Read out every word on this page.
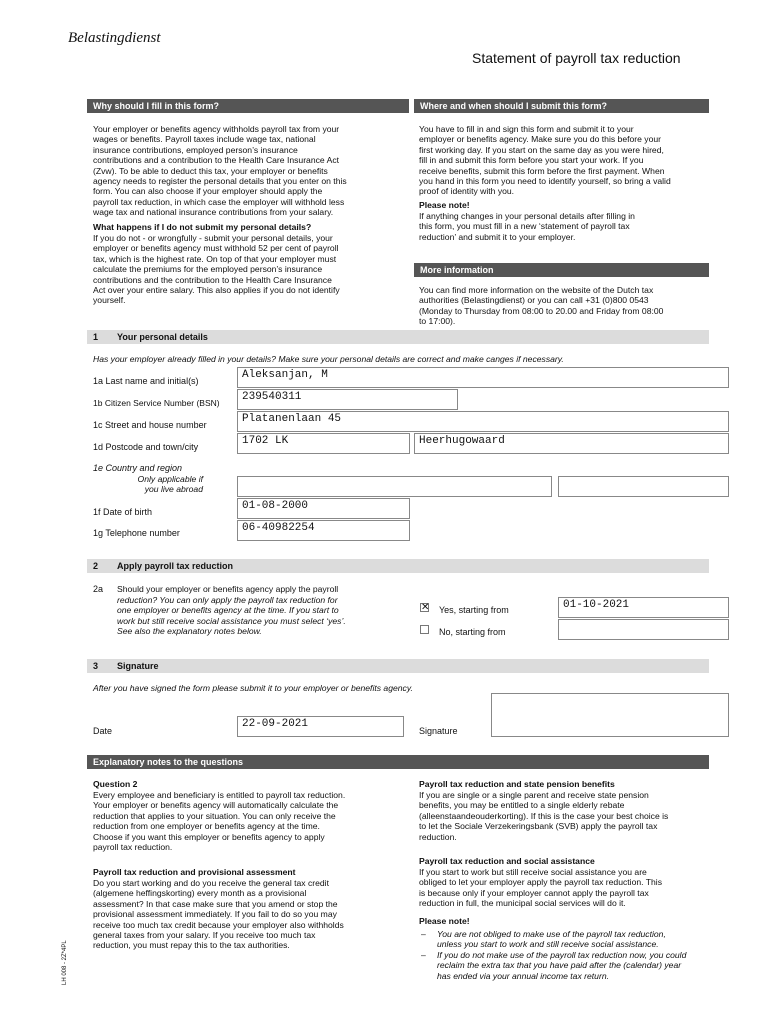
Belastingdienst
Statement of payroll tax reduction
Why should I fill in this form?	Where and when should I submit this form?
Your employer or benefits agency withholds payroll tax from your
wages or benefits. Payroll taxes include wage tax, national
insurance contributions, employed person’s insurance
contributions and a contribution to the Health Care Insurance Act
(Zvw). To be able to deduct this tax, your employer or benefits
agency needs to register the personal details that you enter on this
form. You can also choose if your employer should apply the
payroll tax reduction, in which case the employer will withhold less
wage tax and national insurance contributions from your salary.
What happens if I do not submit my personal details?
If you do not - or wrongfully - submit your personal details, your
employer or benefits agency must withhold 52 per cent of payroll
tax, which is the highest rate. On top of that your employer must
calculate the premiums for the employed person’s insurance
contributions and the contribution to the Health Care Insurance
Act over your entire salary. This also applies if you do not identify
yourself.
You have to fill in and sign this form and submit it to your
employer or benefits agency. Make sure you do this before your
first working day. If you start on the same day as you were hired,
fill in and submit this form before you start your work. If you
receive benefits, submit this form before the first payment. When
you hand in this form you need to identify yourself, so bring a valid
proof of identity with you.
Please note!
If anything changes in your personal details after filling in
this form, you must fill in a new ‘statement of payroll tax
reduction’ and submit it to your employer.
More information
You can find more information on the website of the Dutch tax
authorities (Belastingdienst) or you can call +31 (0)800 0543
(Monday to Thursday from 08:00 to 20.00 and Friday from 08:00
to 17:00).
1 Your personal details
Has your employer already filled in your details? Make sure your personal details are correct and make canges if necessary.
1a Last name and initial(s)	Aleksanjan, M
1b Citizen Service Number (BSN)	239540311
1c Street and house number	Platanenlaan 45
1d Postcode and town/city	1702 LK	Heerhugowaard
1e Country and region
Only applicable if
you live abroad
1f Date of birth	01-08-2000
1g Telephone number	06-40982254
2 Apply payroll tax reduction
2a Should your employer or benefits agency apply the payroll
reduction? You can only apply the payroll tax reduction for
one employer or benefits agency at the time. If you start to
work but still receive social assistance you must select ‘yes’.
See also the explanatory notes below.
✕ Yes, starting from	01-10-2021
No, starting from
3 Signature
After you have signed the form please submit it to your employer or benefits agency.
Date
22-09-2021
Signature
Explanatory notes to the questions
Question 2
Every employee and beneficiary is entitled to payroll tax reduction.
Your employer or benefits agency will automatically calculate the
reduction that applies to your situation. You can only receive the
reduction from one employer or benefits agency at the time.
Choose if you want this employer or benefits agency to apply
payroll tax reduction.
Payroll tax reduction and provisional assessment
Do you start working and do you receive the general tax credit
(algemene heffingskorting) every month as a provisional
assessment? In that case make sure that you amend or stop the
provisional assessment immediately. If you fail to do so you may
receive too much tax credit because your employer also withholds
general taxes from your salary. If you receive too much tax
reduction, you must repay this to the tax authorities.
Payroll tax reduction and state pension benefits
If you are single or a single parent and receive state pension
benefits, you may be entitled to a single elderly rebate
(alleenstaandeouderkorting). If this is the case your best choice is
to let the Sociale Verzekeringsbank (SVB) apply the payroll tax
reduction.
Payroll tax reduction and social assistance
If you start to work but still receive social assistance you are
obliged to let your employer apply the payroll tax reduction. This
is because only if your employer cannot apply the payroll tax
reduction in full, the municipal social services will do it.
Please note!
– You are not obliged to make use of the payroll tax reduction,
unless you start to work and still receive social assistance.
– If you do not make use of the payroll tax reduction now, you could
reclaim the extra tax that you have paid after the (calendar) year
has ended via your annual income tax return.
LH 008 - 2Z*4PL
